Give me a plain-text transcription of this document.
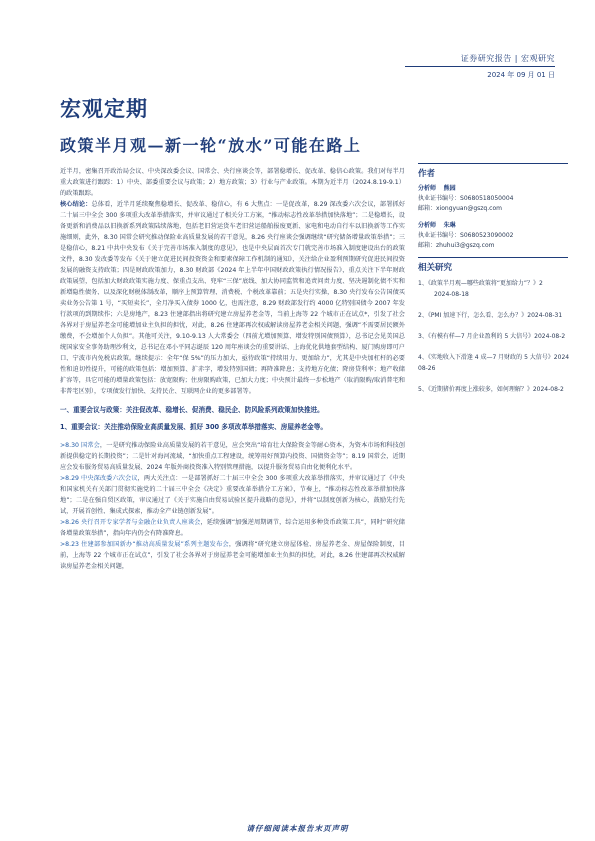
证券研究报告 | 宏观研究
2024 年 09 月 01 日
宏观定期
政策半月观—新一轮“放水”可能在路上

近半月，密集召开政治局会议、中央深改委会议、国常会、央行座谈会等，部署稳增长、促改革、稳信心政策。我们对每半月重大政策进行跟踪：1）中央、部委重要会议与政策；2）地方政策；3）行业与产业政策。本期为近半月（2024.8.19-9.1）的政策跟踪。

核心结论：总体看，近半月延续聚焦稳增长、促改革、稳信心，有 6 大焦点：一是促改革，8.29 深改委六次会议，部署抓好二十届三中全会 300 多项重大改革举措落实，并审议通过了相关分工方案，“推动标志性改革举措加快落地”；二是稳增长，设备更新和消费品以旧换新系列政策陆续落地，包括老旧营运货车老旧营运船舶报废更新、家电和电动自行车以旧换新等工作实施细则，此外，8.30 国常会研究推动保险业高质量发展的若干意见，8.26 央行座谈会强调继续“研究储备增量政策举措”；三是稳信心，8.21 中共中央发布《关于完善市场准入制度的意见》，也是中央层面首次专门就完善市场准入制度建设出台的政策文件，8.30 发改委等发布《关于建立促进民间投资资金和要素保障工作机制的通知》，关注给企业盈利预期研究促进民间投资发展的融资支持政策；四是财政政策加力，8.30 财政部《2024 年上半年中国财政政策执行情况报告》，重点关注下半年财政政策展望，包括加大财政政策实施力度、保重点支出、兜牢“三保”底线、加大协同监管和追责问责力度、坚决遏制化债不实和新增隐性债务、以及深化财税体制改革，顺序上预算管理、消费税、个税改革靠前；五是央行实操，8.30 央行发布公告国债买卖业务公告第 1 号，“买短卖长”，全月净买入债券 1000 亿，也需注意，8.29 财政部发行约 4000 亿特别国债今 2007 年发行款项的到期续作；六是房地产，8.23 住建部指出将研究建立房屋养老金等，当前上海等 22 个城市正在试点*，引发了社会各界对于房屋养老金可能增加业主负担的担忧，对此，8.26 住建部再次权威解读房屋养老金相关问题，强调“不需要居民额外缴费，不会增加个人负担”。其他可关注，9.10-9.13 人大常委会（四前尤增加预算、增发特别国债预算），总书记会见美国总统国家安全事务助理沙利文，总书记在邓小平同志诞辰 120 周年座谈会的重要讲话、上海优化供地套型结构、厦门购房即可户口、宁波市内免税店政策。继续提示：全年“保 5%”的压力加大，亟待政策“持续用力、更加给力”，尤其是中央加杠杆的必要性和迫切性提升，可能的政策包括：增加预算、扩赤字，增发特别国债；再降准降息；支持地方化债；降房贷利率；地产收储扩容等，具它可能的增量政策包括：放宽限购；住房限购政策，已加大力度；中央预计最终一步松地产（取消限购/取消普宅和非普宅区别），专项债发行加快、支持民企、互联网企业的更多部署等。

一、重要会议与政策：关注促改革、稳增长、促消费、稳民企、防风险系列政策加快推进。
1、重要会议：关注推动保险业高质量发展、抓好 300 多项改革举措落实、房屋养老金等。

>8.30 国常会，一是研究推动保险业高质量发展的若干意见，应会突出“培育壮大保险资金等耐心资本，为资本市场和科技创新提供稳定的长期投资”；二是针对海河流域，“加快重点工程建设，统筹用好预算内投资、国债资金等”；8.19 国常会，近期应会发布服务贸易高质量发展、2024 年版外商投资准入特别管理措施，以提升服务贸易自由化便利化水平。

>8.29 中央深改委六次会议，两大关注点：一是部署抓好二十届三中全会 300 多项重大改革举措落实，并审议通过了《中央和国家机关有关部门贯彻实施党的二十届三中全会《决定》重要改革举措分工方案》，节奏上，“推动标志性改革举措加快落地”；二是在强自贸区政策，审议通过了《关于实施自由贸易试验区提升战略的意见》，并将“以制度创新为核心，鼓励先行先试，开展首创性、集成式探索，推动全产业链创新发展”。

>8.26 央行召开专家学者与金融企业负责人座谈会，延续强调“加强逆周期调节，综合运用多种货币政策工具”，同时“研究储备增量政策举措”，指向年内仍会有降准降息。

>8.23 住建部参加国新办“推动高质量发展”系列主题发布会，强调将“研究建立房屋体检、房屋养老金、房屋保险制度，目前，上海等 22 个城市正在试点”，引发了社会各界对于房屋养老金可能增加业主负担的担忧，对此，8.26 住建部再次权威解读房屋养老金相关问题，

作者
分析师 熊园
执业证书编号：S0680518050004
邮箱：xiongyuan@gszq.com
分析师 朱琳
执业证书编号：S0680523090002
邮箱：zhuhui3@gszq.com
相关研究
1、《政策半月观—哪些政策将“更加给力”？》2
2024-08-18
2、《PMI 加速下行，怎么看、怎么办？》2024-08-31
3、《有模有样—7 月企业盈利的 5 大信号》2024-08-2
4、《实地收入下滑逢 4 成—7 月财政的 5 大信号》2024
08-26
5、《近期猪价再度上涨较多，如何理解？》2024-08-2
请仔细阅读本报告末页声明
